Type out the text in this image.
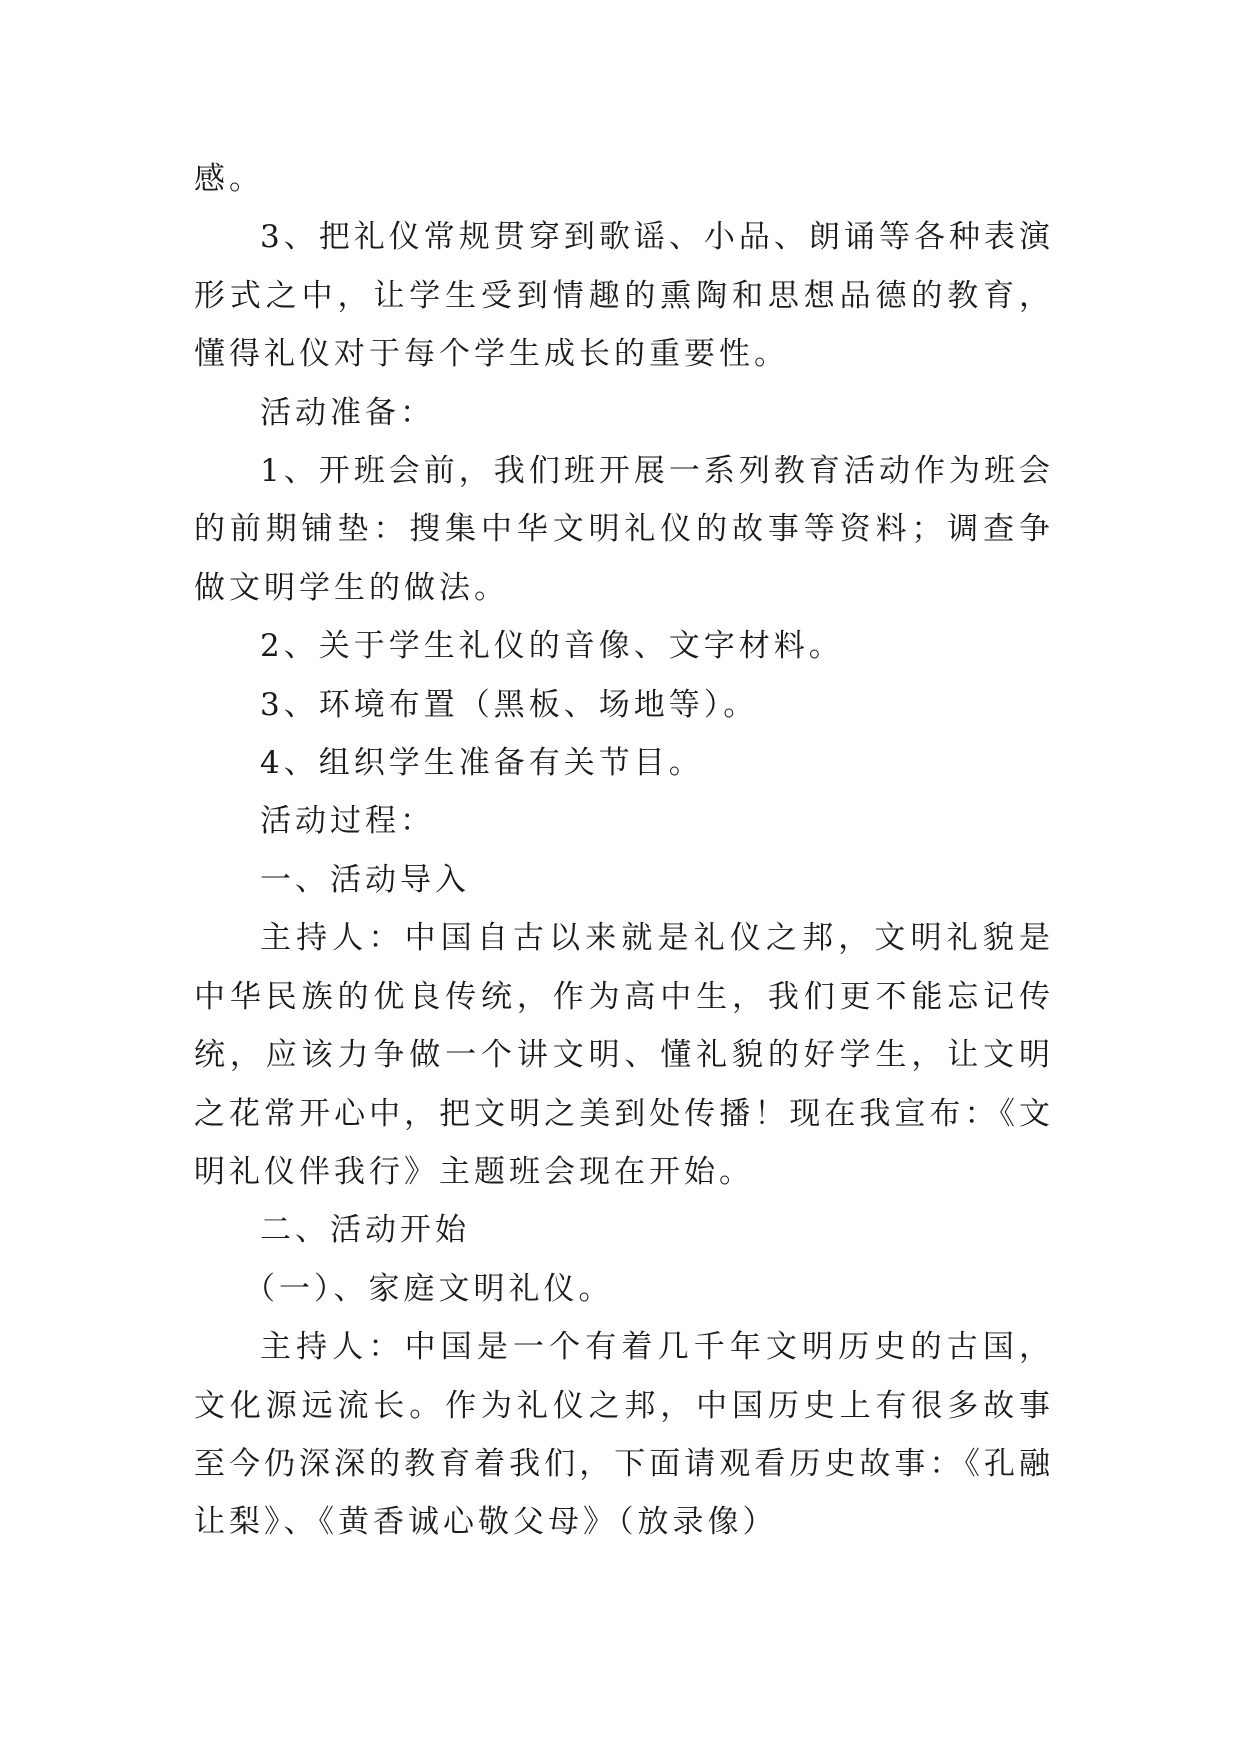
感。

3、把礼仪常规贯穿到歌谣、小品、朗诵等各种表演形式之中，让学生受到情趣的熏陶和思想品德的教育，懂得礼仪对于每个学生成长的重要性。

活动准备：

1、开班会前，我们班开展一系列教育活动作为班会的前期铺垫：搜集中华文明礼仪的故事等资料；调查争做文明学生的做法。

2、关于学生礼仪的音像、文字材料。

3、环境布置（黑板、场地等）。

4、组织学生准备有关节目。

活动过程：

一、活动导入

主持人：中国自古以来就是礼仪之邦，文明礼貌是中华民族的优良传统，作为高中生，我们更不能忘记传统，应该力争做一个讲文明、懂礼貌的好学生，让文明之花常开心中，把文明之美到处传播！现在我宣布：《文明礼仪伴我行》主题班会现在开始。

二、活动开始

（一）、家庭文明礼仪。

主持人：中国是一个有着几千年文明历史的古国，文化源远流长。作为礼仪之邦，中国历史上有很多故事至今仍深深的教育着我们，下面请观看历史故事：《孔融让梨》、《黄香诚心敬父母》（放录像）
